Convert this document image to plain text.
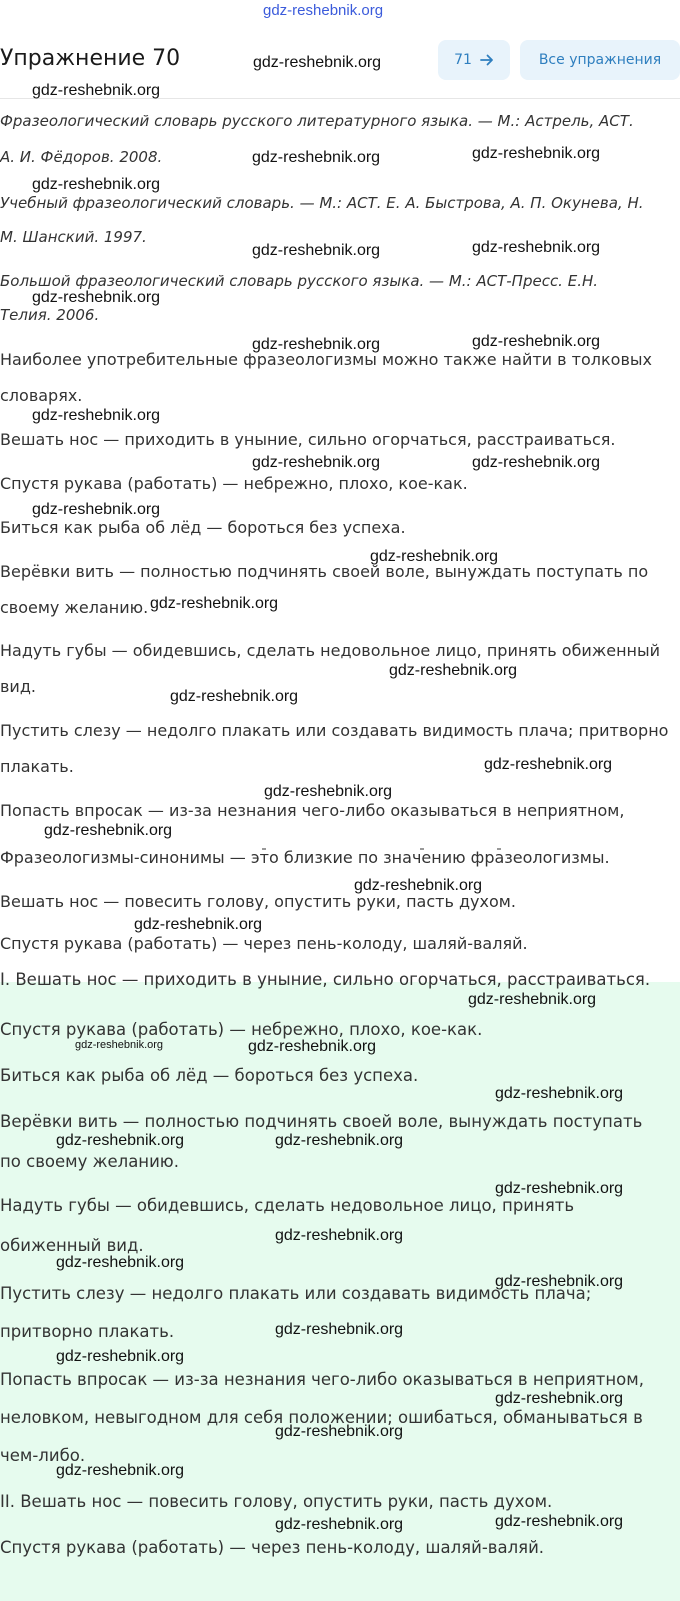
gdz-reshebnik.org
Упражнение 70	71	Все упражнения
Фразеологический словарь русского литературного языка. — М.: Астрель, АСТ.
А. И. Фёдоров. 2008.
Учебный фразеологический словарь. — М.: АСТ. Е. А. Быстрова, А. П. Окунева, Н.
М. Шанский. 1997.
Большой фразеологический словарь русского языка. — М.: АСТ-Пресс. Е.Н.
Телия. 2006.
Наиболее употребительные фразеологизмы можно также найти в толковых
словарях.
Вешать нос — приходить в уныние, сильно огорчаться, расстраиваться.
Спустя рукава (работать) — небрежно, плохо, кое-как.
Биться как рыба об лёд — бороться без успеха.
Верёвки вить — полностью подчинять своей воле, вынуждать поступать по
своему желанию.
Надуть губы — обидевшись, сделать недовольное лицо, принять обиженный
вид.
Пустить слезу — недолго плакать или создавать видимость плача; притворно
плакать.
Попасть впросак — из-за незнания чего-либо оказываться в неприятном,
Фразеологизмы-синонимы — это близкие по значению фразеологизмы.
Вешать нос — повесить голову, опустить руки, пасть духом.
Спустя рукава (работать) — через пень-колоду, шаляй-валяй.
I. Вешать нос — приходить в уныние, сильно огорчаться, расстраиваться.
Спустя рукава (работать) — небрежно, плохо, кое-как.
Биться как рыба об лёд — бороться без успеха.
Верёвки вить — полностью подчинять своей воле, вынуждать поступать
по своему желанию.
Надуть губы — обидевшись, сделать недовольное лицо, принять
обиженный вид.
Пустить слезу — недолго плакать или создавать видимость плача;
притворно плакать.
Попасть впросак — из-за незнания чего-либо оказываться в неприятном,
неловком, невыгодном для себя положении; ошибаться, обманываться в
чем-либо.
II. Вешать нос — повесить голову, опустить руки, пасть духом.
Спустя рукава (работать) — через пень-колоду, шаляй-валяй.
gdz-reshebnik.org
gdz-reshebnik.org
gdz-reshebnik.org	gdz-reshebnik.org
gdz-reshebnik.org
gdz-reshebnik.org	gdz-reshebnik.org
gdz-reshebnik.org
gdz-reshebnik.org	gdz-reshebnik.org
gdz-reshebnik.org
gdz-reshebnik.org	gdz-reshebnik.org
gdz-reshebnik.org
gdz-reshebnik.org
gdz-reshebnik.org
gdz-reshebnik.org
gdz-reshebnik.org
gdz-reshebnik.org
gdz-reshebnik.org
gdz-reshebnik.org
gdz-reshebnik.org
gdz-reshebnik.org
gdz-reshebnik.org
gdz-reshebnik.org	gdz-reshebnik.org
gdz-reshebnik.org
gdz-reshebnik.org	gdz-reshebnik.org
gdz-reshebnik.org
gdz-reshebnik.org
gdz-reshebnik.org
gdz-reshebnik.org
gdz-reshebnik.org
gdz-reshebnik.org
gdz-reshebnik.org
gdz-reshebnik.org
gdz-reshebnik.org
gdz-reshebnik.org
gdz-reshebnik.org
